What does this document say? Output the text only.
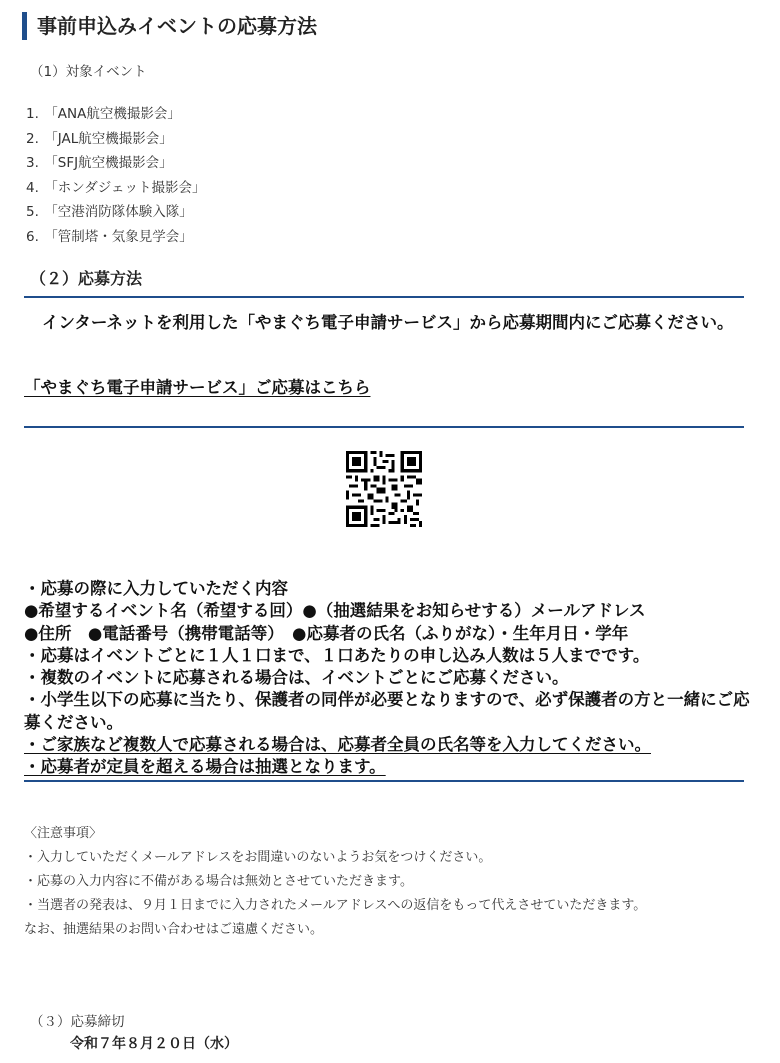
事前申込みイベントの応募方法
（1）対象イベント
1. 「ANA航空機撮影会」
2. 「JAL航空機撮影会」
3. 「SFJ航空機撮影会」
4. 「ホンダジェット撮影会」
5. 「空港消防隊体験入隊」
6. 「管制塔・気象見学会」
（２）応募方法
インターネットを利用した「やまぐち電子申請サービス」から応募期間内にご応募ください。
「やまぐち電子申請サービス」ご応募はこちら
・応募の際に入力していただく内容
●希望するイベント名（希望する回）●（抽選結果をお知らせする）メールアドレス
●住所　●電話番号（携帯電話等）　●応募者の氏名（ふりがな）・生年月日・学年
・応募はイベントごとに１人１口まで、１口あたりの申し込み人数は５人までです。
・複数のイベントに応募される場合は、イベントごとにご応募ください。
・小学生以下の応募に当たり、保護者の同伴が必要となりますので、必ず保護者の方と一緒にご応募ください。
・ご家族など複数人で応募される場合は、応募者全員の氏名等を入力してください。
・応募者が定員を超える場合は抽選となります。
〈注意事項〉
・入力していただくメールアドレスをお間違いのないようお気をつけください。
・応募の入力内容に不備がある場合は無効とさせていただきます。
・当選者の発表は、９月１日までに入力されたメールアドレスへの返信をもって代えさせていただきます。
なお、抽選結果のお問い合わせはご遠慮ください。
（３）応募締切
令和７年８月２０日（水）
